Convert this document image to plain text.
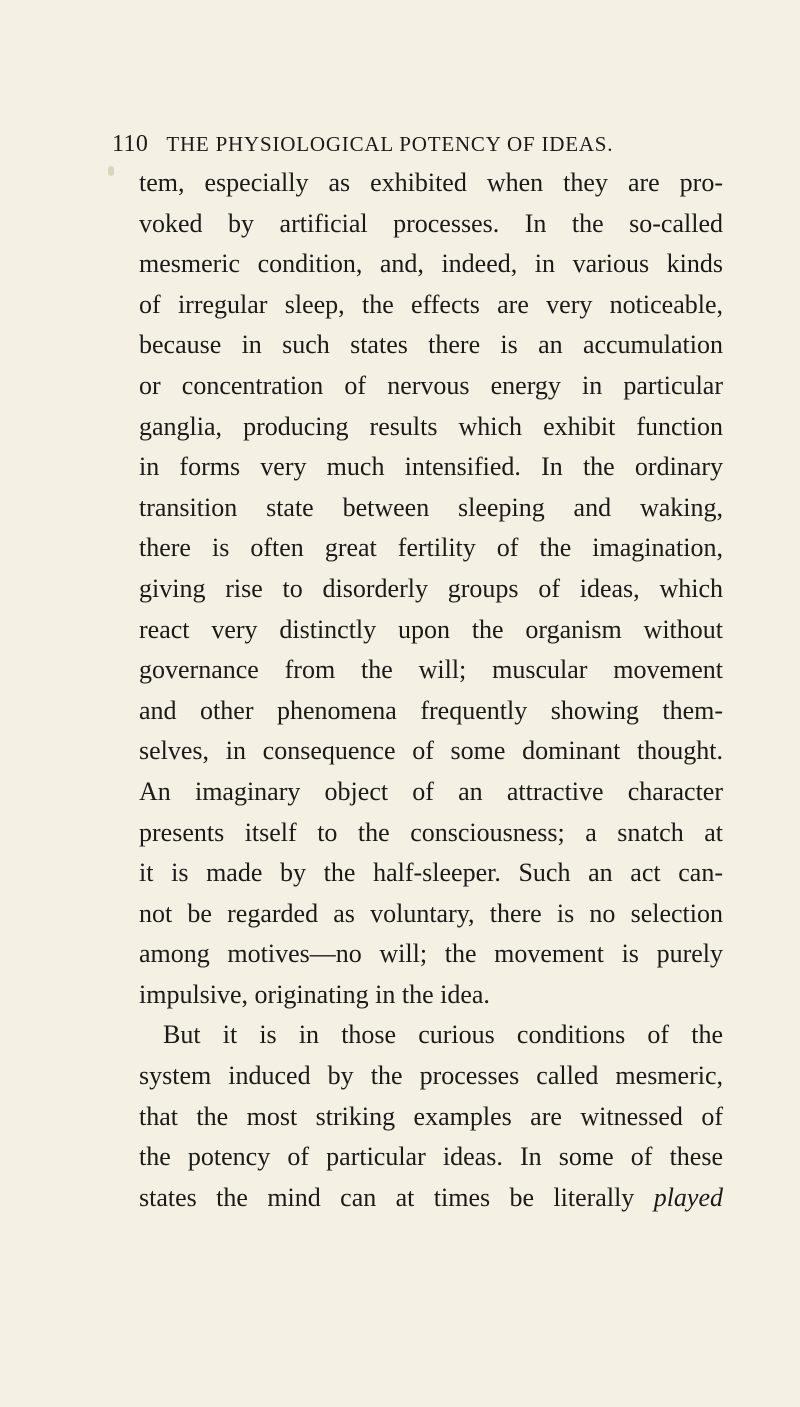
110 THE PHYSIOLOGICAL POTENCY OF IDEAS.
tem, especially as exhibited when they are pro-
voked by artificial processes. In the so-called
mesmeric condition, and, indeed, in various kinds
of irregular sleep, the effects are very noticeable,
because in such states there is an accumulation
or concentration of nervous energy in particular
ganglia, producing results which exhibit function
in forms very much intensified. In the ordinary
transition state between sleeping and waking,
there is often great fertility of the imagination,
giving rise to disorderly groups of ideas, which
react very distinctly upon the organism without
governance from the will; muscular movement
and other phenomena frequently showing them-
selves, in consequence of some dominant thought.
An imaginary object of an attractive character
presents itself to the consciousness; a snatch at
it is made by the half-sleeper. Such an act can-
not be regarded as voluntary, there is no selection
among motives—no will; the movement is purely
impulsive, originating in the idea.
But it is in those curious conditions of the
system induced by the processes called mesmeric,
that the most striking examples are witnessed of
the potency of particular ideas. In some of these
states the mind can at times be literally played
